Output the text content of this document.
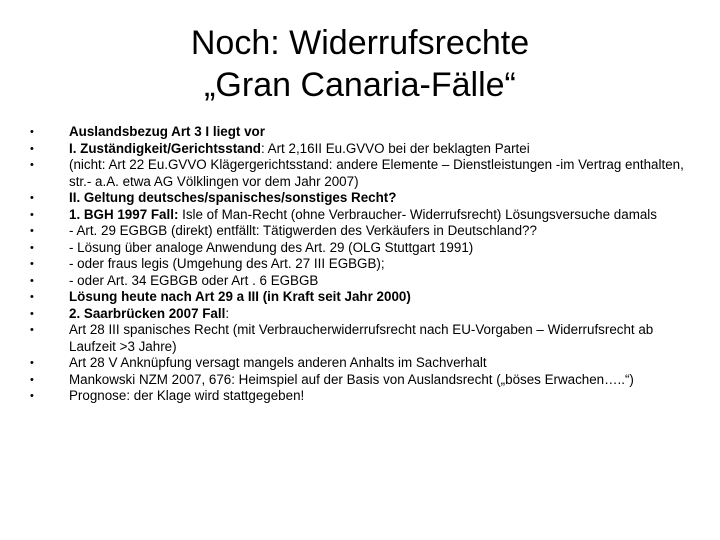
Noch: Widerrufsrechte
„Gran Canaria-Fälle“
•	Auslandsbezug Art 3 I liegt vor
•	I. Zuständigkeit/Gerichtsstand: Art 2,16II Eu.GVVO bei der beklagten Partei
•	(nicht: Art 22 Eu.GVVO Klägergerichtsstand: andere Elemente – Dienstleistungen -im Vertrag enthalten, str.- a.A. etwa AG Völklingen vor dem Jahr 2007)
•	II. Geltung deutsches/spanisches/sonstiges Recht?
•	1. BGH 1997 Fall: Isle of Man-Recht (ohne Verbraucher- Widerrufsrecht) Lösungsversuche damals
•	- Art. 29 EGBGB (direkt) entfällt: Tätigwerden des Verkäufers in Deutschland??
•	- Lösung über analoge Anwendung des Art. 29 (OLG Stuttgart 1991)
•	- oder fraus legis (Umgehung des Art. 27 III EGBGB);
•	- oder Art. 34 EGBGB oder Art . 6 EGBGB
•	Lösung heute nach Art 29 a III (in Kraft seit Jahr 2000)
•	2. Saarbrücken 2007 Fall:
•	Art 28 III spanisches Recht (mit Verbraucherwiderrufsrecht nach EU-Vorgaben – Widerrufsrecht ab Laufzeit >3 Jahre)
•	Art 28 V Anknüpfung versagt mangels anderen Anhalts im Sachverhalt
•	Mankowski NZM 2007, 676: Heimspiel auf der Basis von Auslandsrecht („böses Erwachen…..“)
•	Prognose: der Klage wird stattgegeben!
